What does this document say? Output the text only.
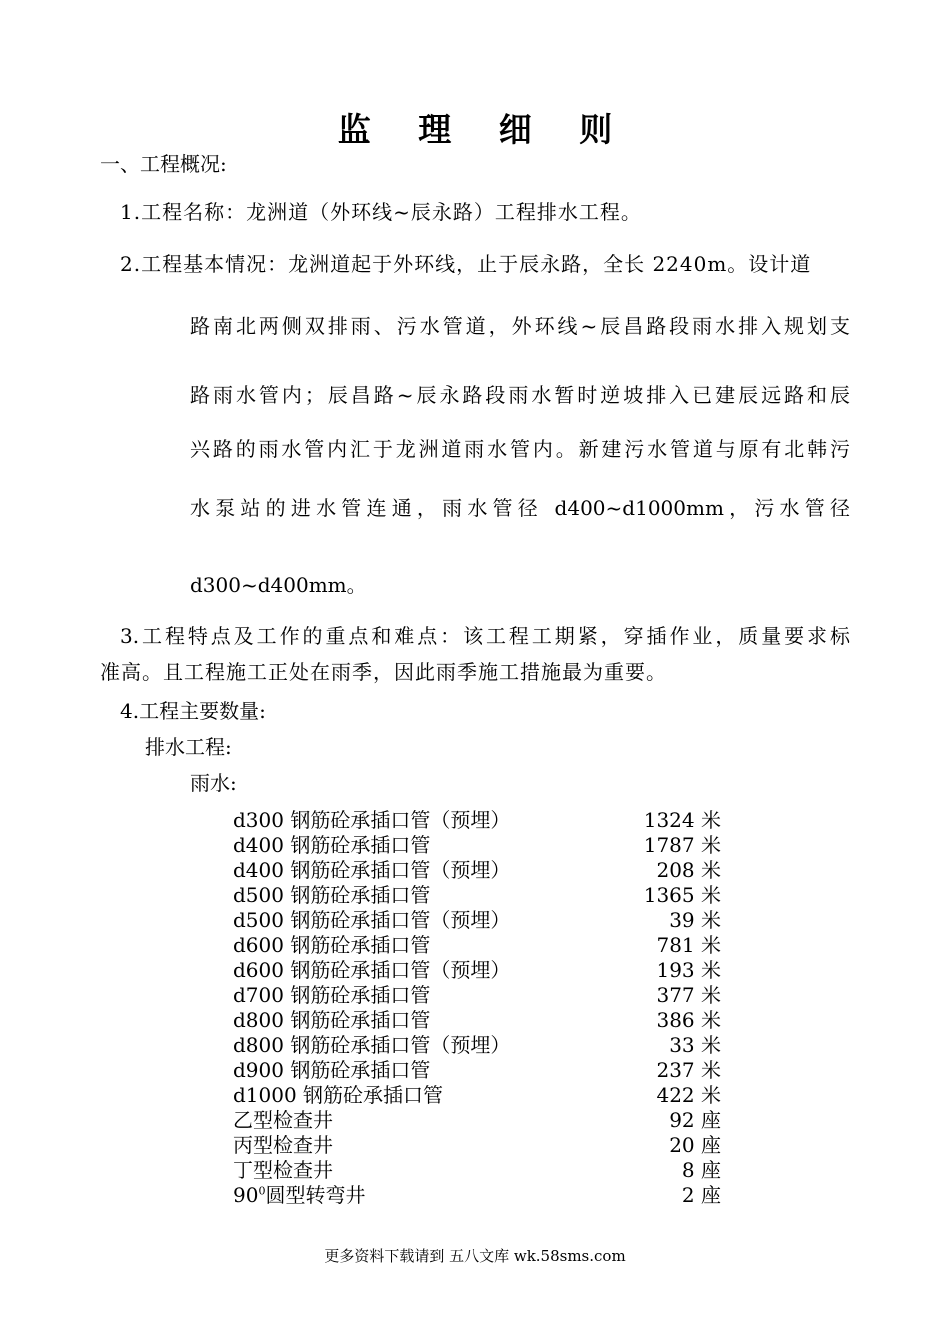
监 理 细 则
一、工程概况:
1.工程名称：龙洲道（外环线~辰永路）工程排水工程。
2.工程基本情况：龙洲道起于外环线，止于辰永路，全长 2240m。设计道
路南北两侧双排雨、污水管道，外环线~辰昌路段雨水排入规划支
路雨水管内；辰昌路~辰永路段雨水暂时逆坡排入已建辰远路和辰
兴路的雨水管内汇于龙洲道雨水管内。新建污水管道与原有北韩污
水泵站的进水管连通，雨水管径 d400~d1000mm，污水管径
d300~d400mm。
3.工程特点及工作的重点和难点：该工程工期紧，穿插作业，质量要求标
准高。且工程施工正处在雨季，因此雨季施工措施最为重要。
4.工程主要数量:
排水工程:
雨水:
d300 钢筋砼承插口管（预埋）	1324 米
d400 钢筋砼承插口管	1787 米
d400 钢筋砼承插口管（预埋）	208 米
d500 钢筋砼承插口管	1365 米
d500 钢筋砼承插口管（预埋）	39 米
d600 钢筋砼承插口管	781 米
d600 钢筋砼承插口管（预埋）	193 米
d700 钢筋砼承插口管	377 米
d800 钢筋砼承插口管	386 米
d800 钢筋砼承插口管（预埋）	33 米
d900 钢筋砼承插口管	237 米
d1000 钢筋砼承插口管	422 米
乙型检查井	92 座
丙型检查井	20 座
丁型检查井	8 座
$90^0$圆型转弯井	2 座
更多资料下载请到 五八文库 wk.58sms.com
